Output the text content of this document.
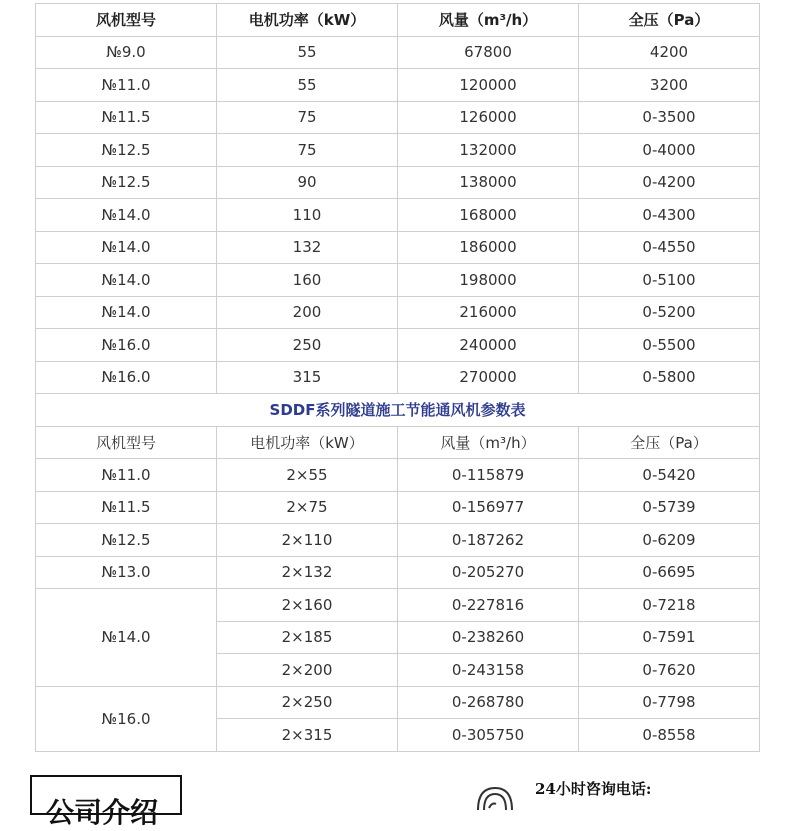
风机型号	电机功率（kW）	风量（m³/h）	全压（Pa）
№9.0	55	67800	4200
№11.0	55	120000	3200
№11.5	75	126000	0-3500
№12.5	75	132000	0-4000
№12.5	90	138000	0-4200
№14.0	110	168000	0-4300
№14.0	132	186000	0-4550
№14.0	160	198000	0-5100
№14.0	200	216000	0-5200
№16.0	250	240000	0-5500
№16.0	315	270000	0-5800
SDDF系列隧道施工节能通风机参数表			
风机型号	电机功率（kW）	风量（m³/h）	全压（Pa）
№11.0	2×55	0-115879	0-5420
№11.5	2×75	0-156977	0-5739
№12.5	2×110	0-187262	0-6209
№13.0	2×132	0-205270	0-6695
№14.0	2×160	0-227816	0-7218
	2×185	0-238260	0-7591
	2×200	0-243158	0-7620
№16.0	2×250	0-268780	0-7798
	2×315	0-305750	0-8558
公司介绍
24小时咨询电话:
